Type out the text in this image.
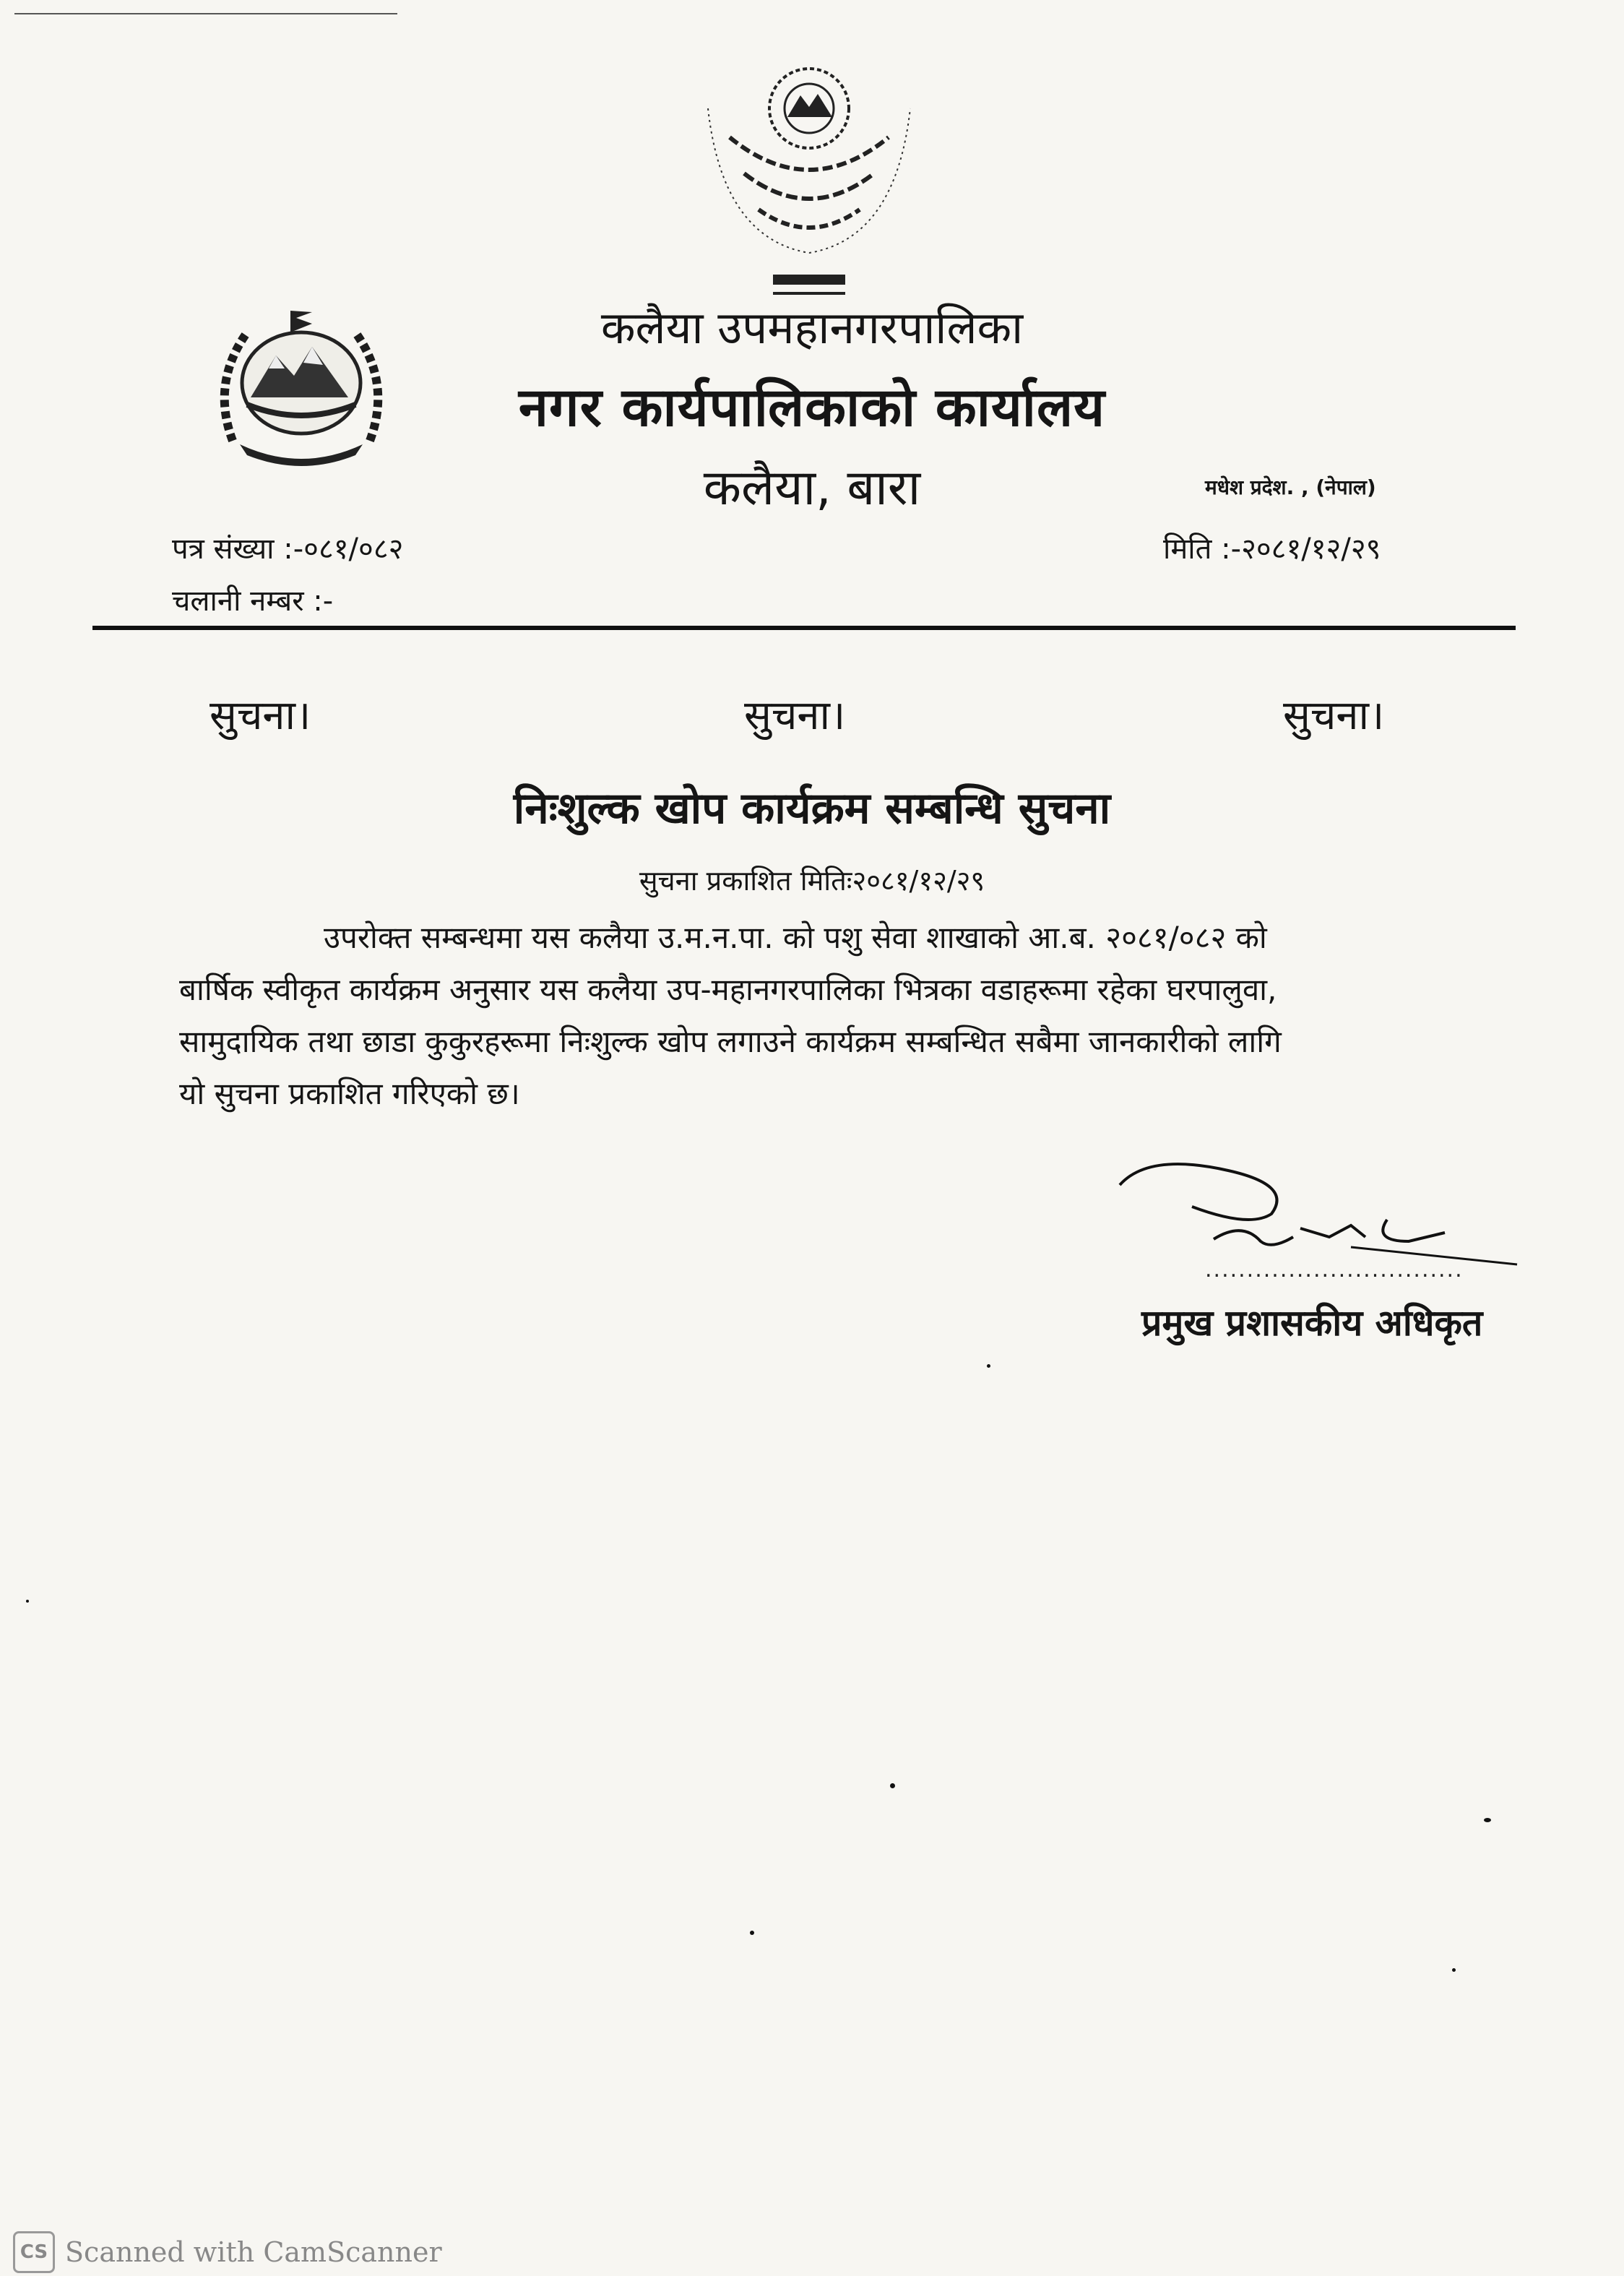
कलैया उपमहानगरपालिका
नगर कार्यपालिकाको कार्यालय
कलैया, बारा	मधेश प्रदेश. , (नेपाल)
पत्र संख्या :-०८१/०८२	मिति :-२०८१/१२/२९
चलानी नम्बर :-
सुचना।	सुचना।	सुचना।
निःशुल्क खोप कार्यक्रम सम्बन्धि सुचना
सुचना प्रकाशित मितिः२०८१/१२/२९
उपरोक्त सम्बन्धमा यस कलैया उ.म.न.पा. को पशु सेवा शाखाको आ.ब. २०८१/०८२ को
बार्षिक स्वीकृत कार्यक्रम अनुसार यस कलैया उप-महानगरपालिका भित्रका वडाहरूमा रहेका घरपालुवा,
सामुदायिक तथा छाडा कुकुरहरूमा निःशुल्क खोप लगाउने कार्यक्रम सम्बन्धित सबैमा जानकारीको लागि
यो सुचना प्रकाशित गरिएको छ।
...............................
प्रमुख प्रशासकीय अधिकृत
CS Scanned with CamScanner
